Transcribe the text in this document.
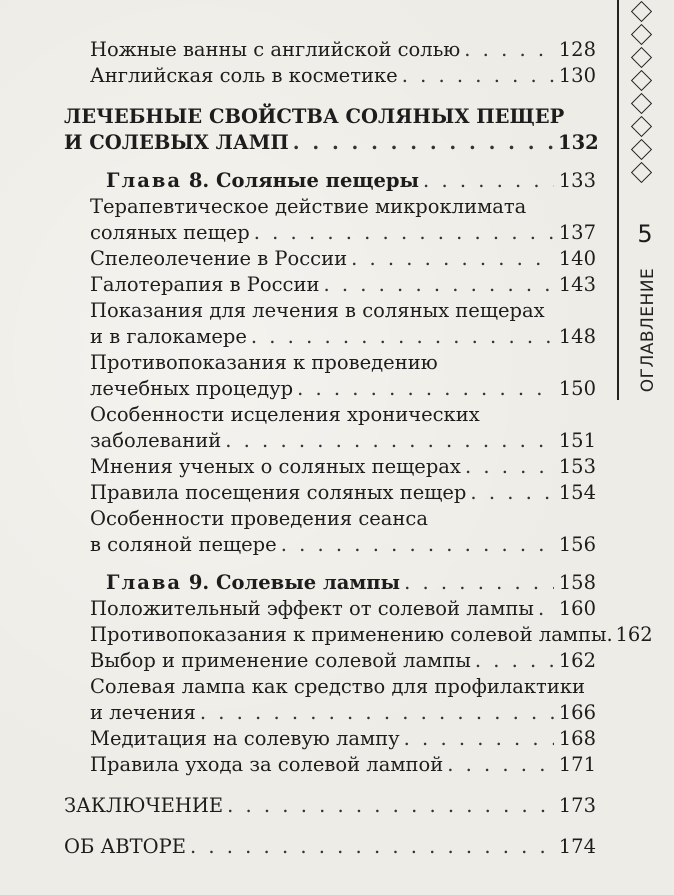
Ножные ванны с английской солью . . .	128
Английская соль в косметике . . .	130
ЛЕЧЕБНЫЕ СВОЙСТВА СОЛЯНЫХ ПЕЩЕР
И СОЛЕВЫХ ЛАМП . . .	132
Глава 8. Соляные пещеры . . .	133
Терапевтическое действие микроклимата
соляных пещер . . .	137
Спелеолечение в России . . .	140
Галотерапия в России . . .	143
Показания для лечения в соляных пещерах
и в галокамере . . .	148
Противопоказания к проведению
лечебных процедур . . .	150
Особенности исцеления хронических
заболеваний . . .	151
Мнения ученых о соляных пещерах . . .	153
Правила посещения соляных пещер . . .	154
Особенности проведения сеанса
в соляной пещере . . .	156
Глава 9. Солевые лампы . . .	158
Положительный эффект от солевой лампы . . . 160
Противопоказания к применению солевой лампы. 162
Выбор и применение солевой лампы . . .	162
Солевая лампа как средство для профилактики
и лечения . . .	166
Медитация на солевую лампу . . .	168
Правила ухода за солевой лампой . . .	171
ЗАКЛЮЧЕНИЕ . . .	173
ОБ АВТОРЕ . . .	174
5
ОГЛАВЛЕНИЕ
